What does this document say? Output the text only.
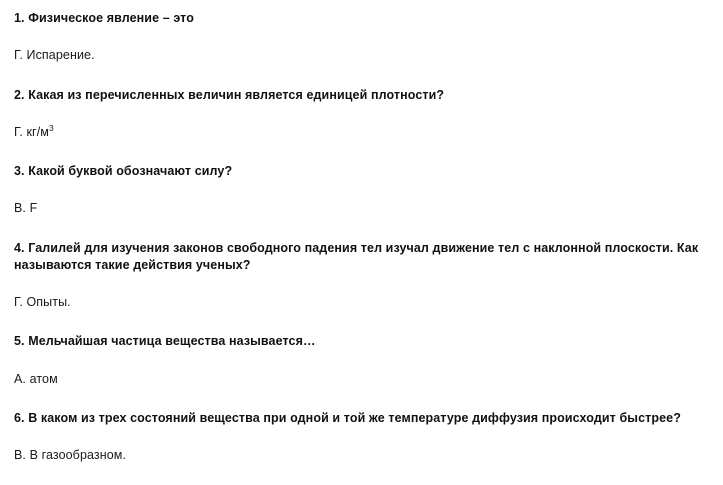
1. Физическое явление – это

Г. Испарение.

2. Какая из перечисленных величин является единицей плотности?

Г. $кг/м^3$

3. Какой буквой обозначают силу?

В. F

4. Галилей для изучения законов свободного падения тел изучал движение тел с наклонной плоскости. Как называются такие действия ученых?

Г. Опыты.

5. Мельчайшая частица вещества называется…

А. атом

6. В каком из трех состояний вещества при одной и той же температуре диффузия происходит быстрее?

В. В газообразном.
